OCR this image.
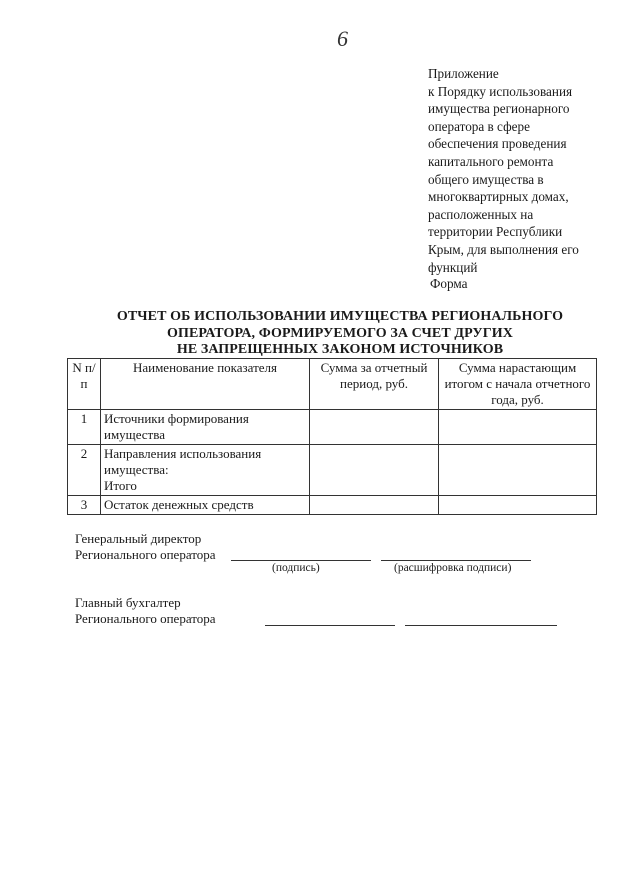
6
Приложение
к Порядку использования
имущества регионарного
оператора в сфере
обеспечения проведения
капитального ремонта
общего имущества в
многоквартирных домах,
расположенных на
территории Республики
Крым, для выполнения его
функций
Форма
ОТЧЕТ ОБ ИСПОЛЬЗОВАНИИ ИМУЩЕСТВА РЕГИОНАЛЬНОГО
ОПЕРАТОРА, ФОРМИРУЕМОГО ЗА СЧЕТ ДРУГИХ
НЕ ЗАПРЕЩЕННЫХ ЗАКОНОМ ИСТОЧНИКОВ
N п/п	Наименование показателя	Сумма за отчетный период, руб.	Сумма нарастающим итогом с начала отчетного года, руб.
1	Источники формирования имущества		
2	Направления использования имущества:
Итого		

3	Остаток денежных средств		
Генеральный директор
Регионального оператора
(подпись)	(расшифровка подписи)
Главный бухгалтер
Регионального оператора
